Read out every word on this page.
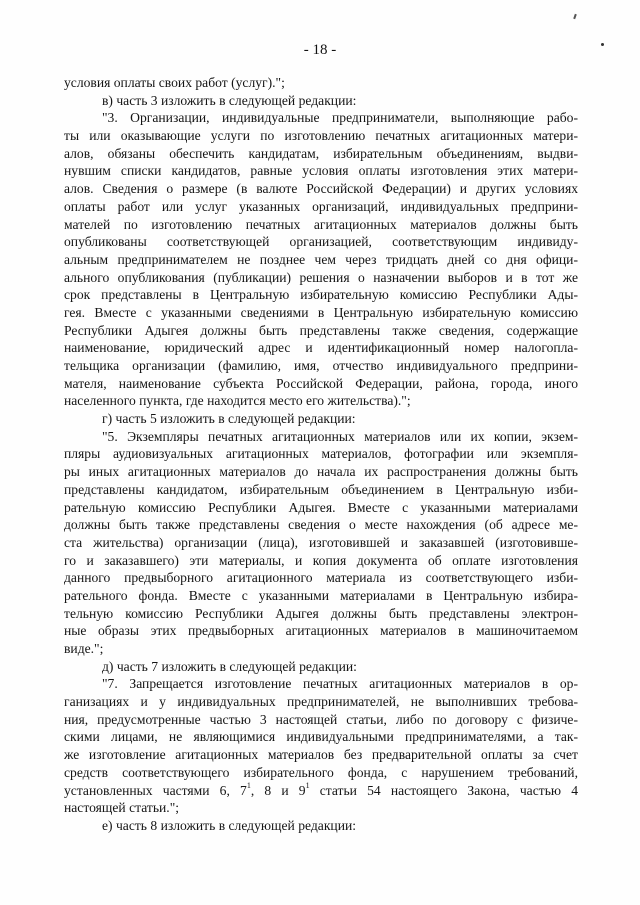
- 18 -
условия оплаты своих работ (услуг).";
в) часть 3 изложить в следующей редакции:
"3. Организации, индивидуальные предприниматели, выполняющие рабо-
ты или оказывающие услуги по изготовлению печатных агитационных матери-
алов, обязаны обеспечить кандидатам, избирательным объединениям, выдви-
нувшим списки кандидатов, равные условия оплаты изготовления этих матери-
алов. Сведения о размере (в валюте Российской Федерации) и других условиях
оплаты работ или услуг указанных организаций, индивидуальных предприни-
мателей по изготовлению печатных агитационных материалов должны быть
опубликованы соответствующей организацией, соответствующим индивиду-
альным предпринимателем не позднее чем через тридцать дней со дня офици-
ального опубликования (публикации) решения о назначении выборов и в тот же
срок представлены в Центральную избирательную комиссию Республики Ады-
гея. Вместе с указанными сведениями в Центральную избирательную комиссию
Республики Адыгея должны быть представлены также сведения, содержащие
наименование, юридический адрес и идентификационный номер налогопла-
тельщика организации (фамилию, имя, отчество индивидуального предприни-
мателя, наименование субъекта Российской Федерации, района, города, иного
населенного пункта, где находится место его жительства).";
г) часть 5 изложить в следующей редакции:
"5. Экземпляры печатных агитационных материалов или их копии, экзем-
пляры аудиовизуальных агитационных материалов, фотографии или экземпля-
ры иных агитационных материалов до начала их распространения должны быть
представлены кандидатом, избирательным объединением в Центральную изби-
рательную комиссию Республики Адыгея. Вместе с указанными материалами
должны быть также представлены сведения о месте нахождения (об адресе ме-
ста жительства) организации (лица), изготовившей и заказавшей (изготовивше-
го и заказавшего) эти материалы, и копия документа об оплате изготовления
данного предвыборного агитационного материала из соответствующего изби-
рательного фонда. Вместе с указанными материалами в Центральную избира-
тельную комиссию Республики Адыгея должны быть представлены электрон-
ные образы этих предвыборных агитационных материалов в машиночитаемом
виде.";
д) часть 7 изложить в следующей редакции:
"7. Запрещается изготовление печатных агитационных материалов в ор-
ганизациях и у индивидуальных предпринимателей, не выполнивших требова-
ния, предусмотренные частью 3 настоящей статьи, либо по договору с физиче-
скими лицами, не являющимися индивидуальными предпринимателями, а так-
же изготовление агитационных материалов без предварительной оплаты за счет
средств соответствующего избирательного фонда, с нарушением требований,
установленных частями 6, $7^1$, 8 и $9^1$ статьи 54 настоящего Закона, частью 4
настоящей статьи.";
е) часть 8 изложить в следующей редакции:
